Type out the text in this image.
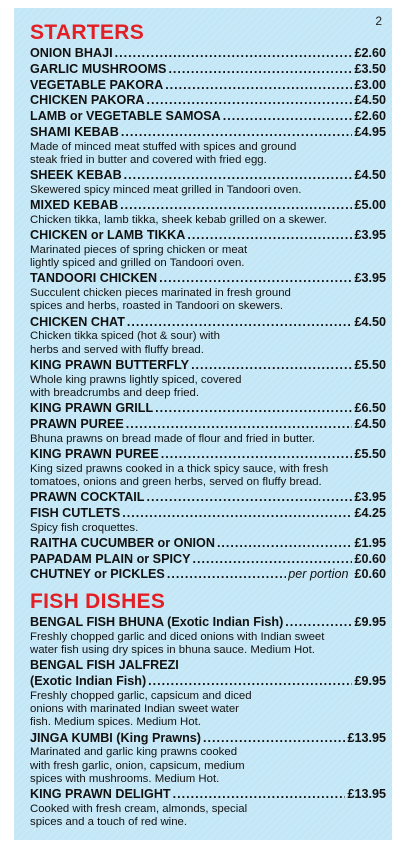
2
STARTERS
ONION BHAJI .....	£2.60
GARLIC MUSHROOMS .....	£3.50
VEGETABLE PAKORA .....	£3.00
CHICKEN PAKORA .....	£4.50
LAMB or VEGETABLE SAMOSA .....	£2.60
SHAMI KEBAB .....	£4.95
Made of minced meat stuffed with spices and ground
steak fried in butter and covered with fried egg.
SHEEK KEBAB .....	£4.50
Skewered spicy minced meat grilled in Tandoori oven.
MIXED KEBAB .....	£5.00
Chicken tikka, lamb tikka, sheek kebab grilled on a skewer.
CHICKEN or LAMB TIKKA .....	£3.95
Marinated pieces of spring chicken or meat
lightly spiced and grilled on Tandoori oven.
TANDOORI CHICKEN .....	£3.95
Succulent chicken pieces marinated in fresh ground
spices and herbs, roasted in Tandoori on skewers.
CHICKEN CHAT .....	£4.50
Chicken tikka spiced (hot & sour) with
herbs and served with fluffy bread.
KING PRAWN BUTTERFLY .....	£5.50
Whole king prawns lightly spiced, covered
with breadcrumbs and deep fried.
KING PRAWN GRILL .....	£6.50
PRAWN PUREE .....	£4.50
Bhuna prawns on bread made of flour and fried in butter.
KING PRAWN PUREE .....	£5.50
King sized prawns cooked in a thick spicy sauce, with fresh
tomatoes, onions and green herbs, served on fluffy bread.
PRAWN COCKTAIL .....	£3.95
FISH CUTLETS .....	£4.25
Spicy fish croquettes.
RAITHA CUCUMBER or ONION .....	£1.95
PAPADAM PLAIN or SPICY .....	£0.60
CHUTNEY or PICKLES .....	per portion £0.60
FISH DISHES
BENGAL FISH BHUNA (Exotic Indian Fish) .....	£9.95
Freshly chopped garlic and diced onions with Indian sweet
water fish using dry spices in bhuna sauce. Medium Hot.
BENGAL FISH JALFREZI
(Exotic Indian Fish) .....	£9.95
Freshly chopped garlic, capsicum and diced
onions with marinated Indian sweet water
fish. Medium spices. Medium Hot.
JINGA KUMBI (King Prawns) .....	£13.95
Marinated and garlic king prawns cooked
with fresh garlic, onion, capsicum, medium
spices with mushrooms. Medium Hot.
KING PRAWN DELIGHT .....	£13.95
Cooked with fresh cream, almonds, special
spices and a touch of red wine.
